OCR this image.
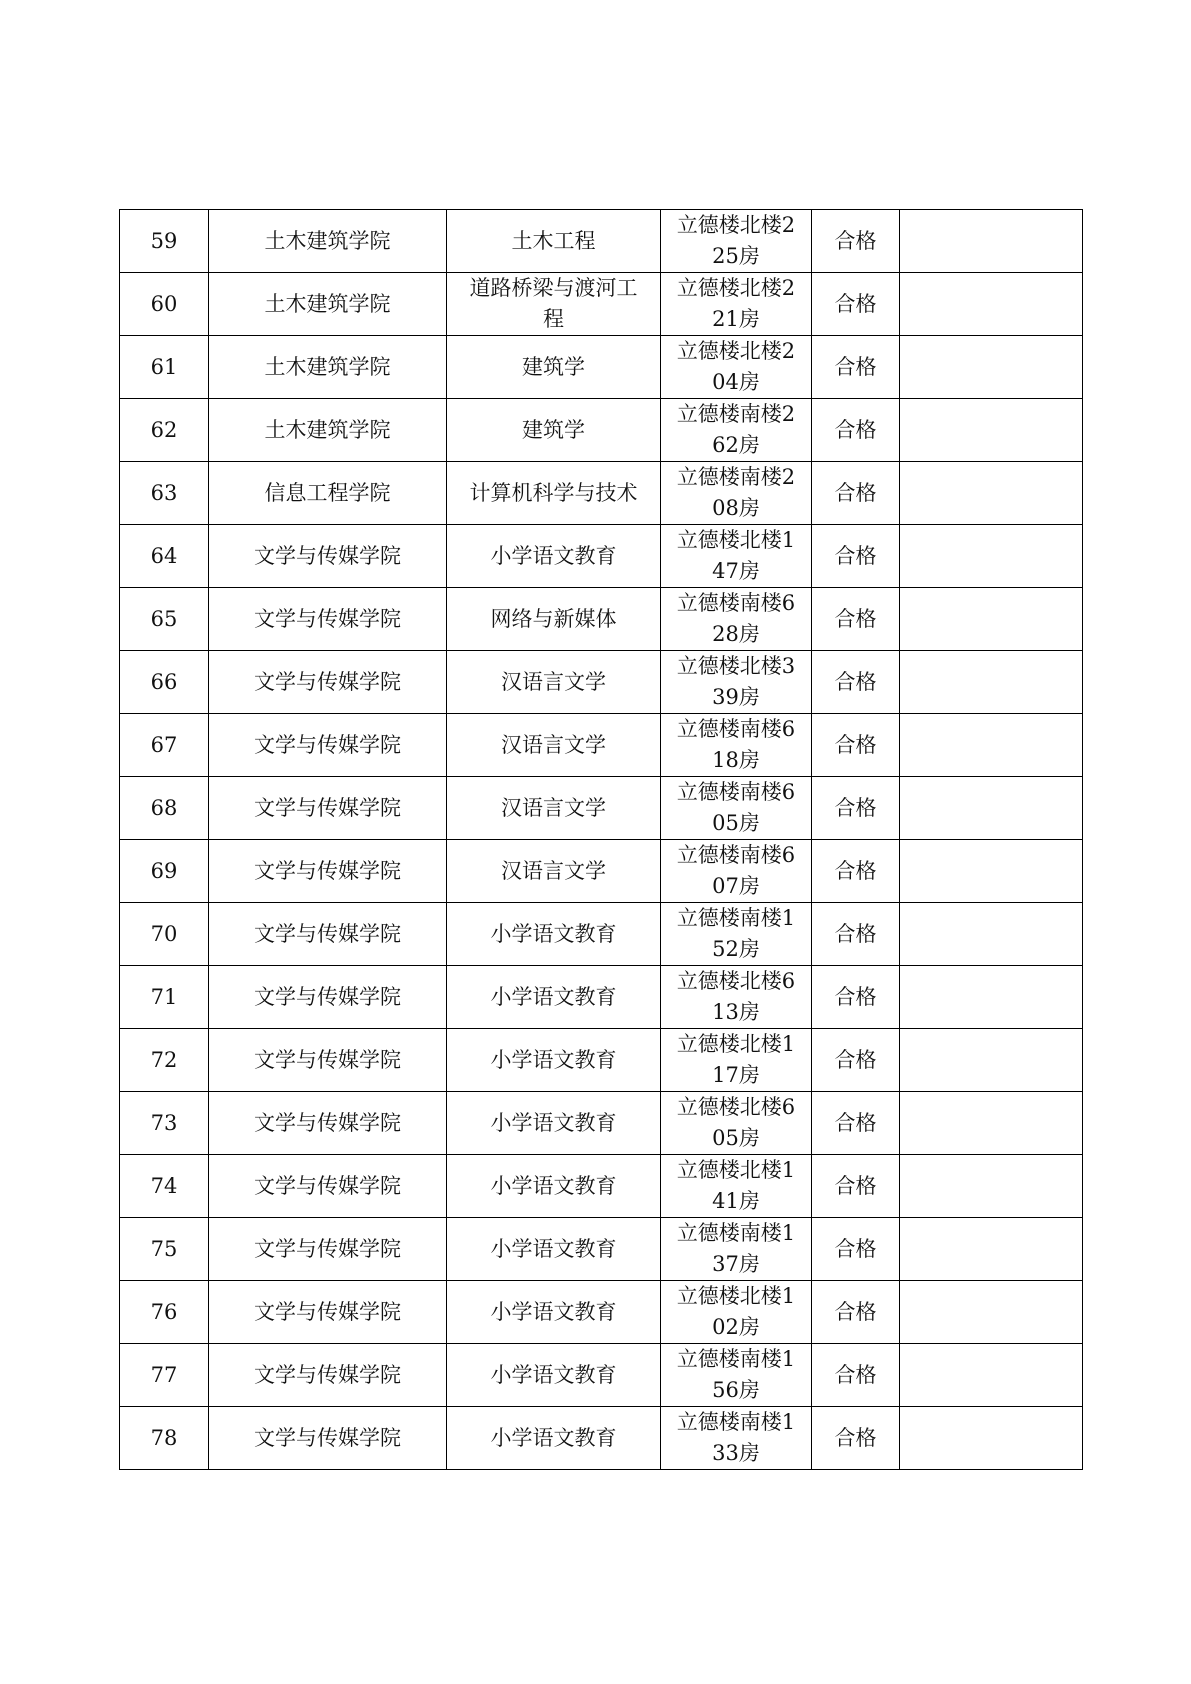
59	土木建筑学院	土木工程	立德楼北楼225房	合格	
60	土木建筑学院	道路桥梁与渡河工程	立德楼北楼221房	合格	
61	土木建筑学院	建筑学	立德楼北楼204房	合格	
62	土木建筑学院	建筑学	立德楼南楼262房	合格	
63	信息工程学院	计算机科学与技术	立德楼南楼208房	合格	
64	文学与传媒学院	小学语文教育	立德楼北楼147房	合格	
65	文学与传媒学院	网络与新媒体	立德楼南楼628房	合格	
66	文学与传媒学院	汉语言文学	立德楼北楼339房	合格	
67	文学与传媒学院	汉语言文学	立德楼南楼618房	合格	
68	文学与传媒学院	汉语言文学	立德楼南楼605房	合格	
69	文学与传媒学院	汉语言文学	立德楼南楼607房	合格	
70	文学与传媒学院	小学语文教育	立德楼南楼152房	合格	
71	文学与传媒学院	小学语文教育	立德楼北楼613房	合格	
72	文学与传媒学院	小学语文教育	立德楼北楼117房	合格	
73	文学与传媒学院	小学语文教育	立德楼北楼605房	合格	
74	文学与传媒学院	小学语文教育	立德楼北楼141房	合格	
75	文学与传媒学院	小学语文教育	立德楼南楼137房	合格	
76	文学与传媒学院	小学语文教育	立德楼北楼102房	合格	
77	文学与传媒学院	小学语文教育	立德楼南楼156房	合格	
78	文学与传媒学院	小学语文教育	立德楼南楼133房	合格	
